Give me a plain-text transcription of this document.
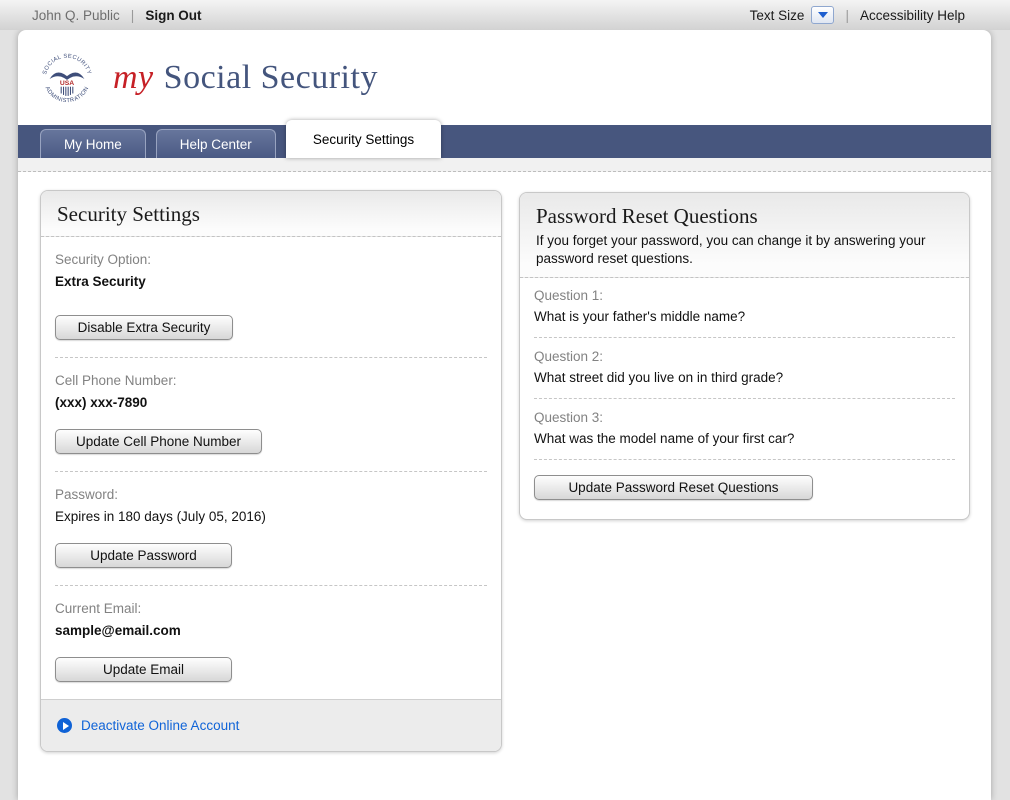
John Q. Public | Sign Out	Text Size	| Accessibility Help
SOCIAL SECURITY
ADMINISTRATION
USA my Social Security
My Home	Help Center	Security Settings
Security Settings
Security Option:
Extra Security
Disable Extra Security
Cell Phone Number:
(xxx) xxx-7890
Update Cell Phone Number
Password:
Expires in 180 days (July 05, 2016)
Update Password
Current Email:
sample@email.com
Update Email
Deactivate Online Account
Password Reset Questions
If you forget your password, you can change it by answering your password reset questions.
Question 1:
What is your father's middle name?
Question 2:
What street did you live on in third grade?
Question 3:
What was the model name of your first car?
Update Password Reset Questions
